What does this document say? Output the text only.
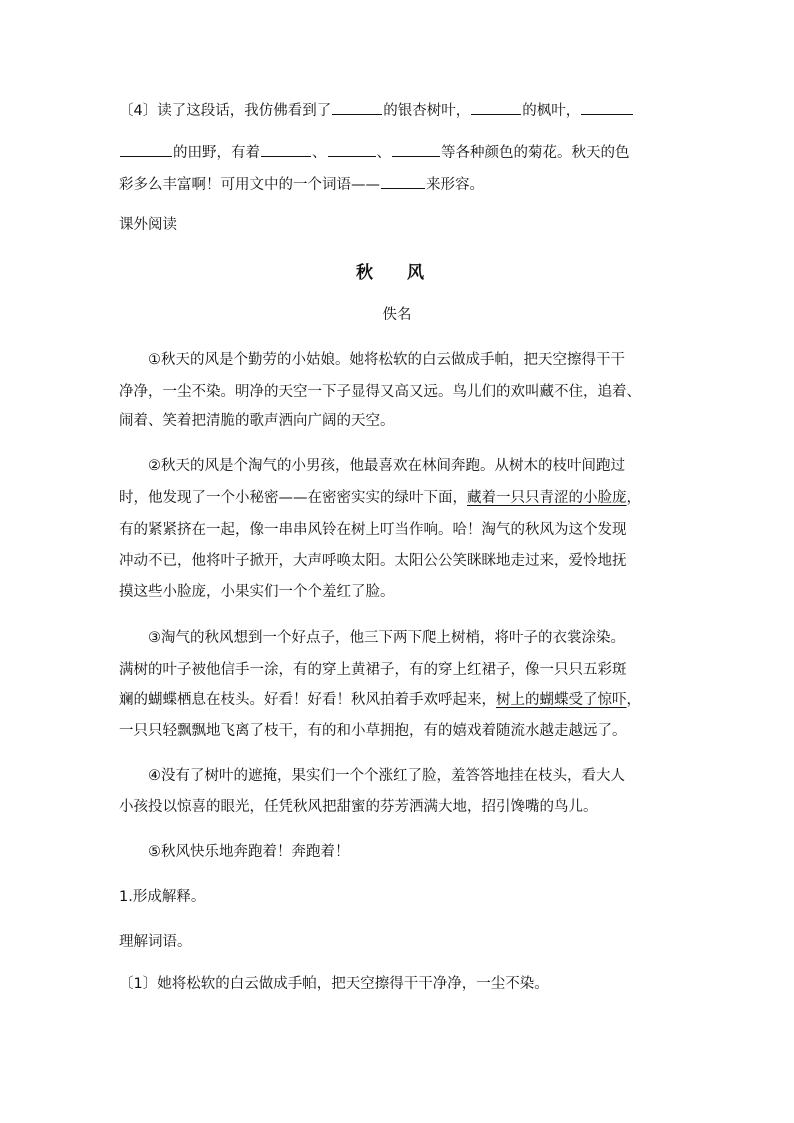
〔4〕读了这段话，我仿佛看到了	的银杏树叶，	的枫叶，
的田野，有着	、	、	等各种颜色的菊花。秋天的色
彩多么丰富啊！可用文中的一个词语——	来形容。
课外阅读
秋 风
佚名
①秋天的风是个勤劳的小姑娘。她将松软的白云做成手帕，把天空擦得干干
净净，一尘不染。明净的天空一下子显得又高又远。鸟儿们的欢叫藏不住，追着、
闹着、笑着把清脆的歌声洒向广阔的天空。
②秋天的风是个淘气的小男孩，他最喜欢在林间奔跑。从树木的枝叶间跑过
时，他发现了一个小秘密——在密密实实的绿叶下面，藏着一只只青涩的小脸庞，
有的紧紧挤在一起，像一串串风铃在树上叮当作响。哈！淘气的秋风为这个发现
冲动不已，他将叶子掀开，大声呼唤太阳。太阳公公笑眯眯地走过来，爱怜地抚
摸这些小脸庞，小果实们一个个羞红了脸。
③淘气的秋风想到一个好点子，他三下两下爬上树梢，将叶子的衣裳涂染。
满树的叶子被他信手一涂，有的穿上黄裙子，有的穿上红裙子，像一只只五彩斑
斓的蝴蝶栖息在枝头。好看！好看！秋风拍着手欢呼起来，树上的蝴蝶受了惊吓，
一只只轻飘飘地飞离了枝干，有的和小草拥抱，有的嬉戏着随流水越走越远了。
④没有了树叶的遮掩，果实们一个个涨红了脸，羞答答地挂在枝头，看大人
小孩投以惊喜的眼光，任凭秋风把甜蜜的芬芳洒满大地，招引馋嘴的鸟儿。
⑤秋风快乐地奔跑着！奔跑着！
1.形成解释。
理解词语。
〔1〕她将松软的白云做成手帕，把天空擦得干干净净，一尘不染。
